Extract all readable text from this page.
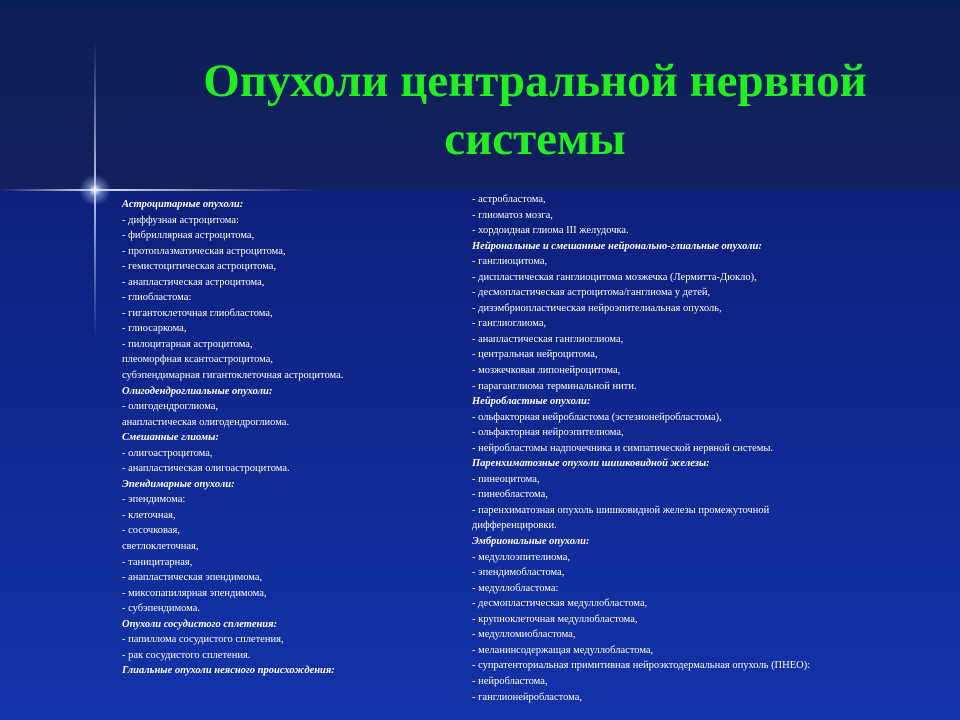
Опухоли центральной нервной
системы
Астроцитарные опухоли:
- диффузная астроцитома:
- фибриллярная астроцитома,
- протоплазматическая астроцитома,
- гемистоцитическая астроцитома,
- анапластическая астроцитома,
- глиобластома:
- гигантоклеточная глиобластома,
- глиосаркома,
- пилоцитарная астроцитома,
плеоморфная ксантоастроцитома,
субэпендимарная гигантоклеточная астроцитома.
Олигодендроглиальные опухоли:
- олигодендроглиома,
анапластическая олигодендроглиома.
Смешанные глиомы:
- олигоастроцитома,
- анапластическая олигоастроцитома.
Эпендимарные опухоли:
- эпендимома:
- клеточная,
- сосочковая,
светлоклеточная,
- таницитарная,
- анапластическая эпендимома,
- миксопапилярная эпендимома,
- субэпендимома.
Опухоли сосудистого сплетения:
- папиллома сосудистого сплетения,
- рак сосудистого сплетения.
Глиальные опухоли неясного происхождения:
- астробластома,
- глиоматоз мозга,
- хордоидная глиома III желудочка.
Нейрональные и смешанные нейронально-глиальные опухоли:
- ганглиоцитома,
- диспластическая ганглиоцитома мозжечка (Лермитта-Дюкло),
- десмопластическая астроцитома/ганглиома у детей,
- дизэмбриопластическая нейроэпителиальная опухоль,
- ганглиоглиома,
- анапластическая ганглиоглиома,
- центральная нейроцитома,
- мозжечковая липонейроцитома,
- параганглиома терминальной нити.
Нейробластные опухоли:
- ольфакторная нейробластома (эстезионейробластома),
- ольфакторная нейроэпителиома,
- нейробластомы надпочечника и симпатической нервной системы.
Паренхиматозные опухоли шишковидной железы:
- пинеоцитома,
- пинеобластома,
- паренхиматозная опухоль шишковидной железы промежуточной
дифференцировки.
Эмбриональные опухоли:
- медуллоэпителиома,
- эпендимобластома,
- медуллобластома:
- десмопластическая медуллобластома,
- крупноклеточная медуллобластома,
- медулломиобластома,
- меланинсодержащая медуллобластома,
- супратенториальная примитивная нейроэктодермальная опухоль (ПНЕО):
- нейробластома,
- ганглионейробластома,
